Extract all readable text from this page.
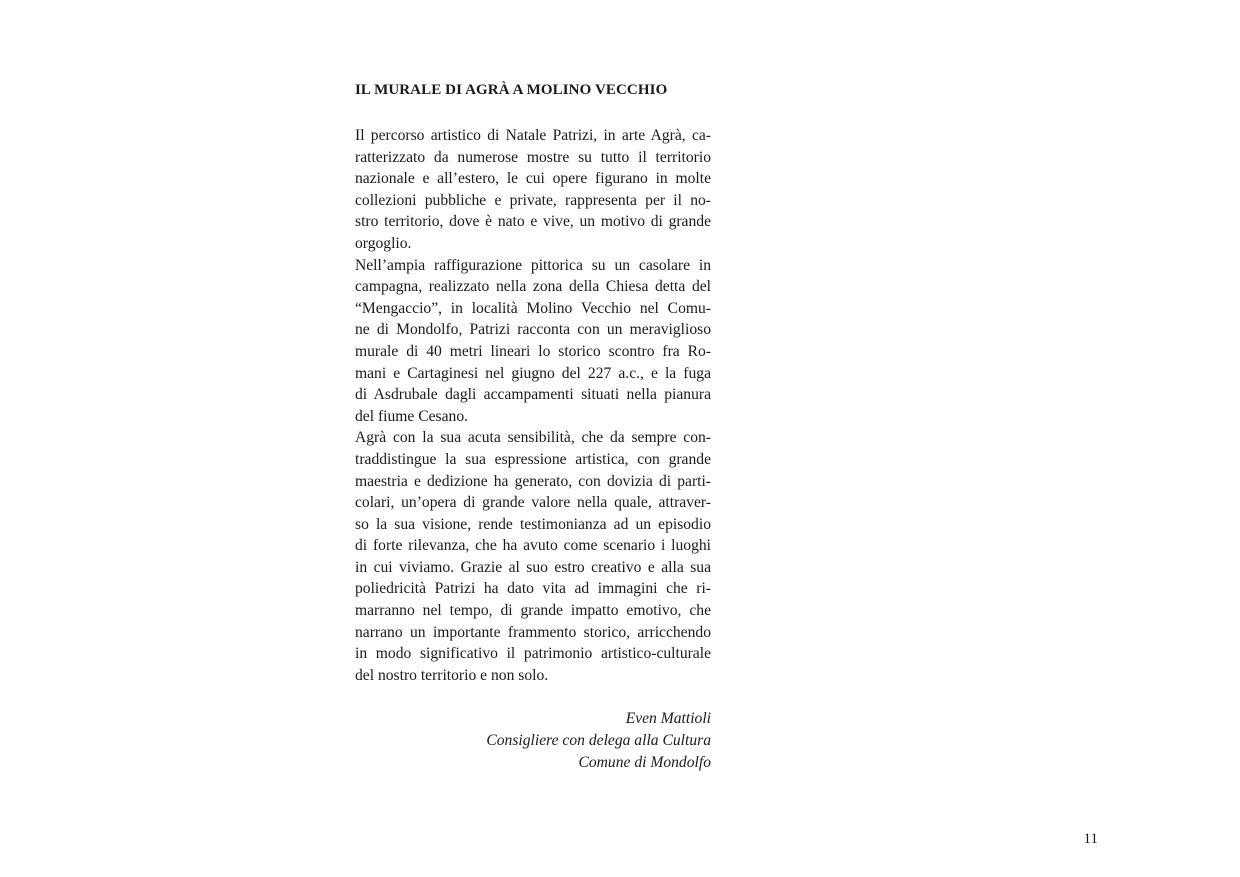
IL MURALE DI AGRÀ A MOLINO VECCHIO

Il percorso artistico di Natale Patrizi, in arte Agrà, ca-
ratterizzato da numerose mostre su tutto il territorio
nazionale e all’estero, le cui opere figurano in molte
collezioni pubbliche e private, rappresenta per il no-
stro territorio, dove è nato e vive, un motivo di grande
orgoglio.

Nell’ampia raffigurazione pittorica su un casolare in
campagna, realizzato nella zona della Chiesa detta del
“Mengaccio”, in località Molino Vecchio nel Comu-
ne di Mondolfo, Patrizi racconta con un meraviglioso
murale di 40 metri lineari lo storico scontro fra Ro-
mani e Cartaginesi nel giugno del 227 a.c., e la fuga
di Asdrubale dagli accampamenti situati nella pianura
del fiume Cesano.

Agrà con la sua acuta sensibilità, che da sempre con-
traddistingue la sua espressione artistica, con grande
maestria e dedizione ha generato, con dovizia di parti-
colari, un’opera di grande valore nella quale, attraver-
so la sua visione, rende testimonianza ad un episodio
di forte rilevanza, che ha avuto come scenario i luoghi
in cui viviamo. Grazie al suo estro creativo e alla sua
poliedricità Patrizi ha dato vita ad immagini che ri-
marranno nel tempo, di grande impatto emotivo, che
narrano un importante frammento storico, arricchendo
in modo significativo il patrimonio artistico-culturale
del nostro territorio e non solo.

Even Mattioli
Consigliere con delega alla Cultura
Comune di Mondolfo
11
